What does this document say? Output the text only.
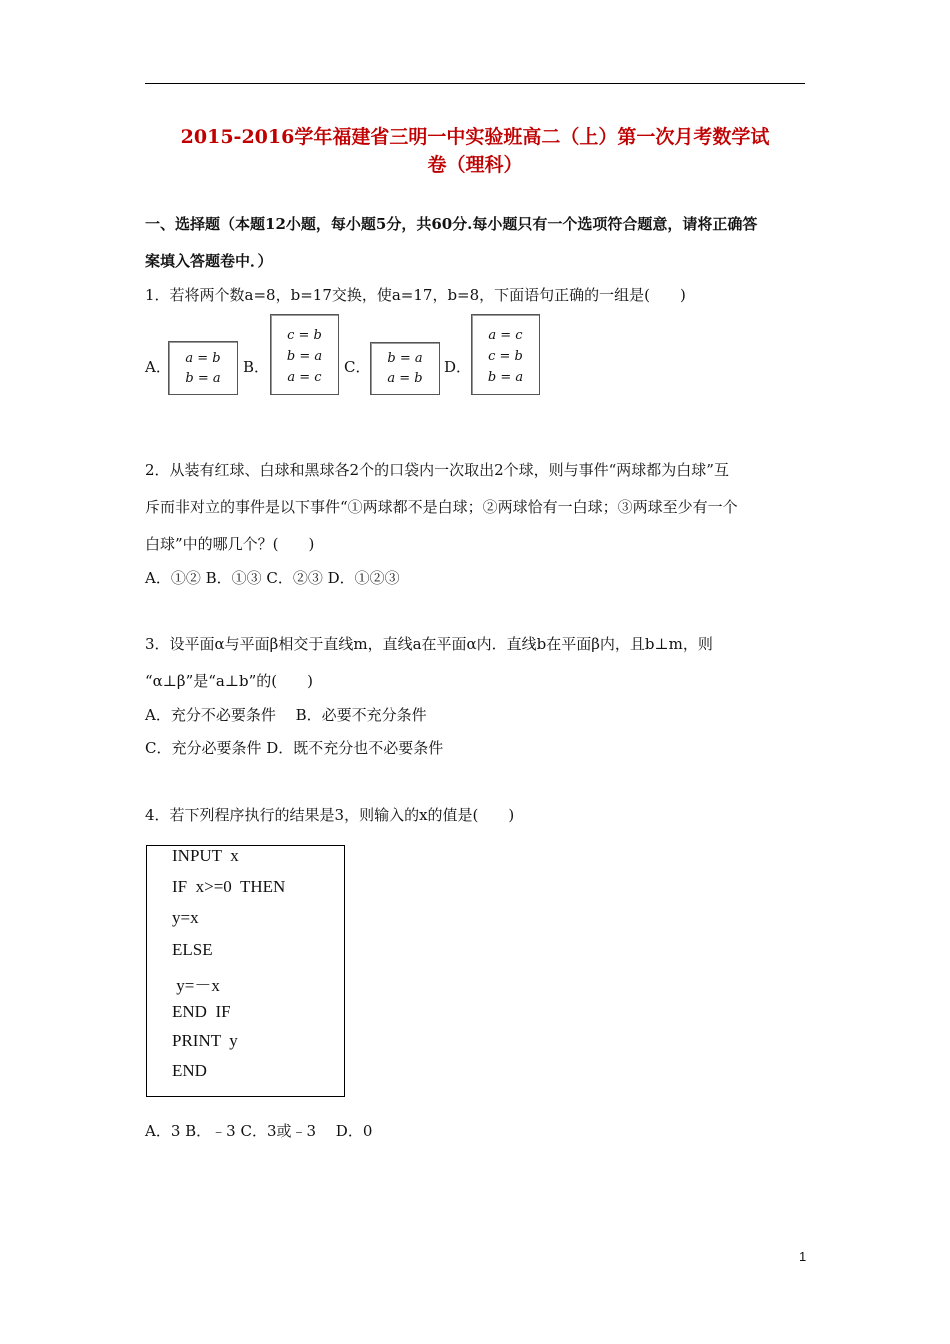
2015-2016学年福建省三明一中实验班高二（上）第一次月考数学试
卷（理科）
一、选择题（本题12小题，每小题5分，共60分.每小题只有一个选项符合题意，请将正确答
案填入答题卷中．）
1．若将两个数a=8，b=17交换，使a=17，b=8，下面语句正确的一组是(　　)
A．	a = b
b = a
B．
c = b
b = a
a = c
C．	b = a
a = b
D．
a = c
c = b
b = a
2．从装有红球、白球和黑球各2个的口袋内一次取出2个球，则与事件“两球都为白球”互
斥而非对立的事件是以下事件“①两球都不是白球；②两球恰有一白球；③两球至少有一个
白球”中的哪几个？(　　)
A．①② B．①③ C．②③ D．①②③
3．设平面α与平面β相交于直线m，直线a在平面α内．直线b在平面β内，且b⊥m，则
“α⊥β”是“a⊥b”的(　　)
A．充分不必要条件　 B．必要不充分条件
C．充分必要条件 D．既不充分也不必要条件
4．若下列程序执行的结果是3，则输入的x的值是(　　)
INPUT  x
IF  x>=0  THEN
y=x
ELSE
y=－x
END  IF
PRINT  y
END
A．3 B．﹣3 C．3或﹣3　 D．0
1
